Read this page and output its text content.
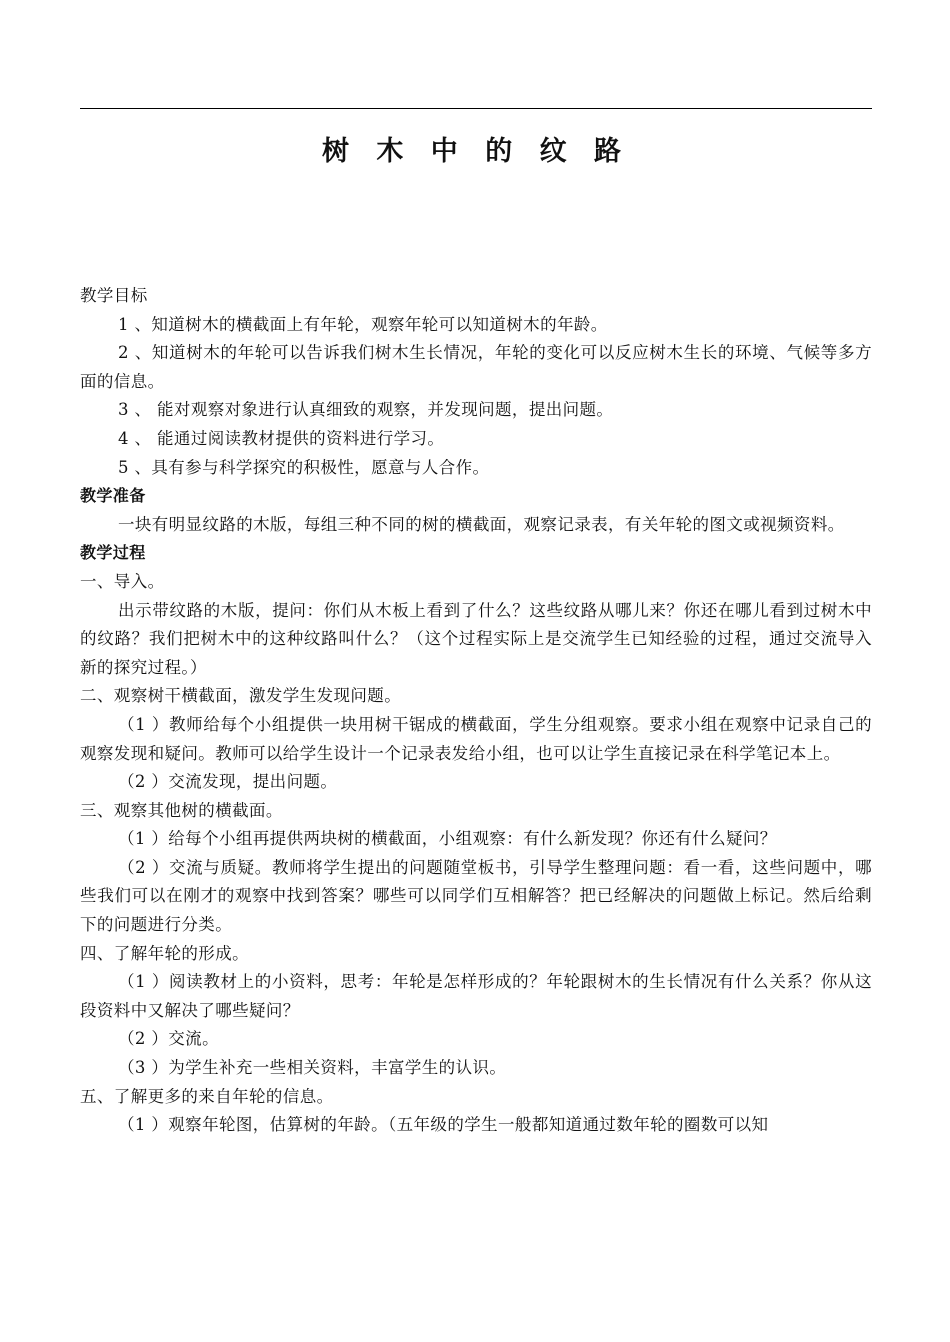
树 木 中 的 纹 路

教学目标

1 、知道树木的横截面上有年轮，观察年轮可以知道树木的年龄。

2 、知道树木的年轮可以告诉我们树木生长情况，年轮的变化可以反应树木生长的环境、气候等多方面的信息。

3 、 能对观察对象进行认真细致的观察，并发现问题，提出问题。

4 、 能通过阅读教材提供的资料进行学习。

5 、具有参与科学探究的积极性，愿意与人合作。

教学准备

一块有明显纹路的木版，每组三种不同的树的横截面，观察记录表，有关年轮的图文或视频资料。

教学过程

一、导入。

出示带纹路的木版，提问：你们从木板上看到了什么？这些纹路从哪儿来？你还在哪儿看到过树木中的纹路？我们把树木中的这种纹路叫什么？（这个过程实际上是交流学生已知经验的过程，通过交流导入新的探究过程。）

二、观察树干横截面，激发学生发现问题。

（1 ）教师给每个小组提供一块用树干锯成的横截面，学生分组观察。要求小组在观察中记录自己的观察发现和疑问。教师可以给学生设计一个记录表发给小组，也可以让学生直接记录在科学笔记本上。

（2 ）交流发现，提出问题。

三、观察其他树的横截面。

（1 ）给每个小组再提供两块树的横截面，小组观察：有什么新发现？你还有什么疑问？

（2 ）交流与质疑。教师将学生提出的问题随堂板书，引导学生整理问题：看一看，这些问题中，哪些我们可以在刚才的观察中找到答案？哪些可以同学们互相解答？把已经解决的问题做上标记。然后给剩下的问题进行分类。

四、了解年轮的形成。

（1 ）阅读教材上的小资料，思考：年轮是怎样形成的？年轮跟树木的生长情况有什么关系？你从这段资料中又解决了哪些疑问？

（2 ）交流。

（3 ）为学生补充一些相关资料，丰富学生的认识。

五、了解更多的来自年轮的信息。

（1 ）观察年轮图，估算树的年龄。（五年级的学生一般都知道通过数年轮的圈数可以知
